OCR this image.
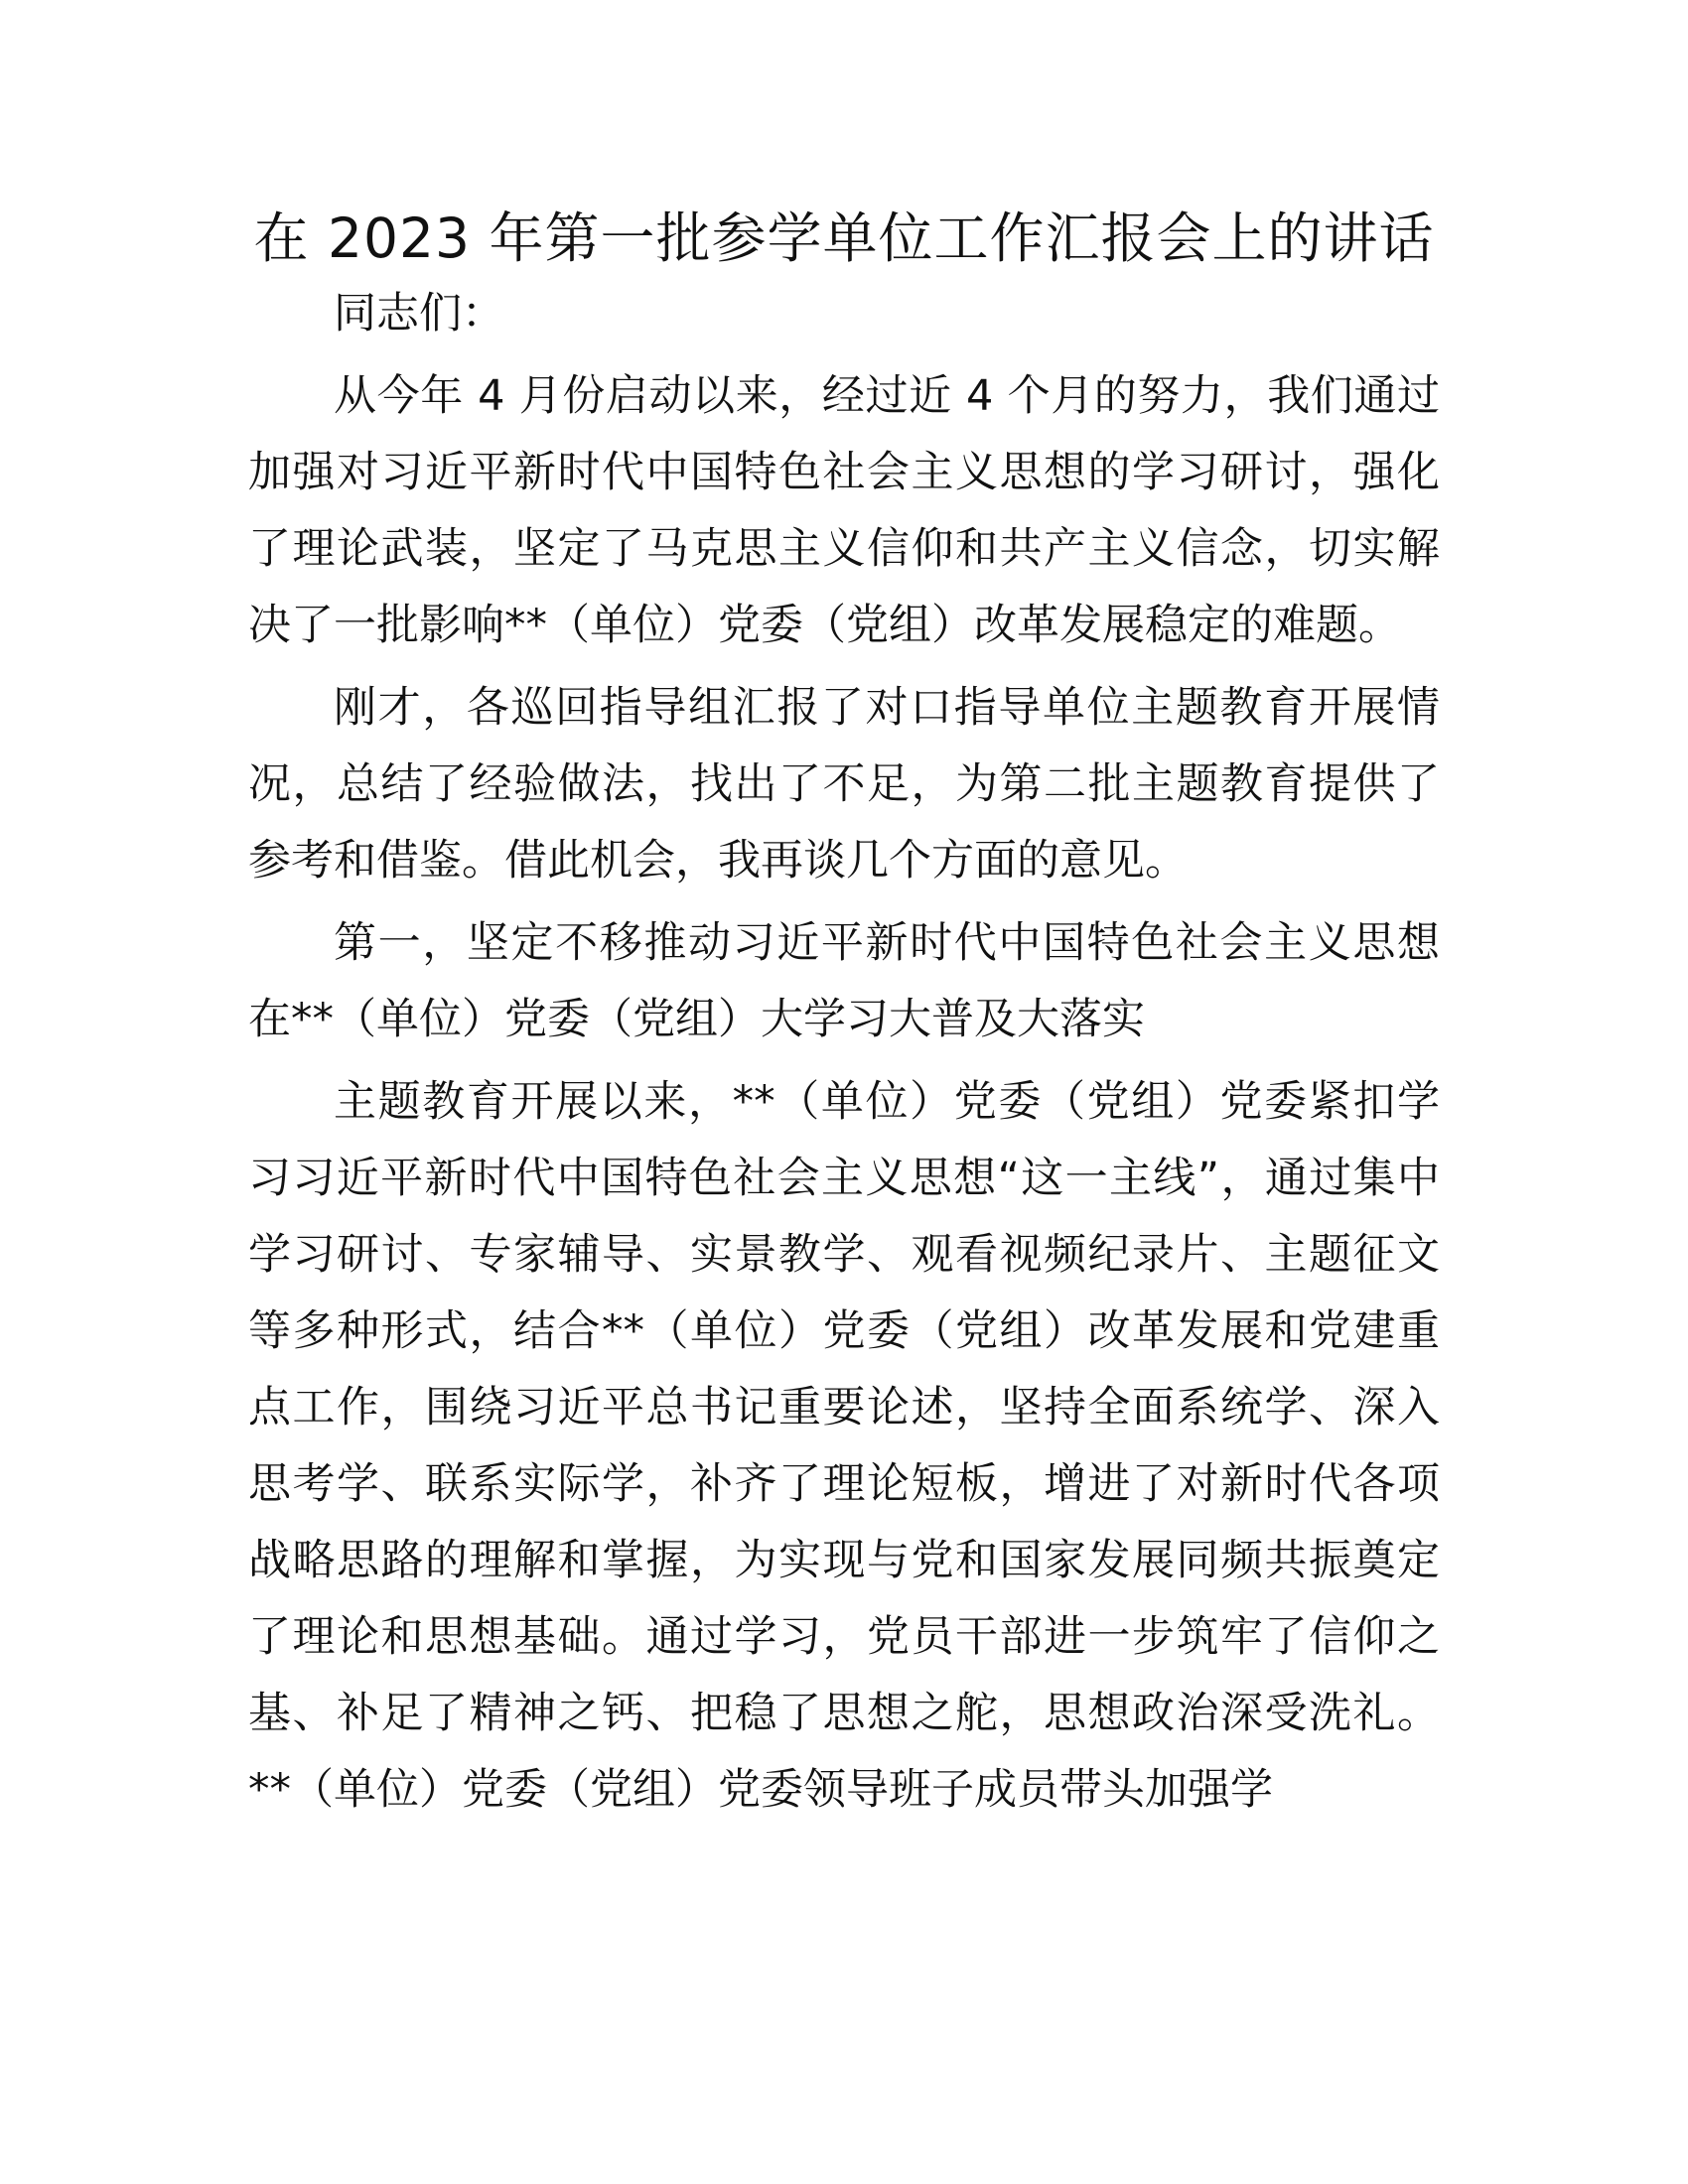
在 2023 年第一批参学单位工作汇报会上的讲话

同志们：

从今年 4 月份启动以来，经过近 4 个月的努力，我们通过加强对习近平新时代中国特色社会主义思想的学习研讨，强化了理论武装，坚定了马克思主义信仰和共产主义信念，切实解决了一批影响**（单位）党委（党组）改革发展稳定的难题。

刚才，各巡回指导组汇报了对口指导单位主题教育开展情况，总结了经验做法，找出了不足，为第二批主题教育提供了参考和借鉴。借此机会，我再谈几个方面的意见。

第一，坚定不移推动习近平新时代中国特色社会主义思想在**（单位）党委（党组）大学习大普及大落实

主题教育开展以来，**（单位）党委（党组）党委紧扣学习习近平新时代中国特色社会主义思想“这一主线”，通过集中学习研讨、专家辅导、实景教学、观看视频纪录片、主题征文等多种形式，结合**（单位）党委（党组）改革发展和党建重点工作，围绕习近平总书记重要论述，坚持全面系统学、深入思考学、联系实际学，补齐了理论短板，增进了对新时代各项战略思路的理解和掌握，为实现与党和国家发展同频共振奠定了理论和思想基础。通过学习，党员干部进一步筑牢了信仰之基、补足了精神之钙、把稳了思想之舵，思想政治深受洗礼。**（单位）党委（党组）党委领导班子成员带头加强学
